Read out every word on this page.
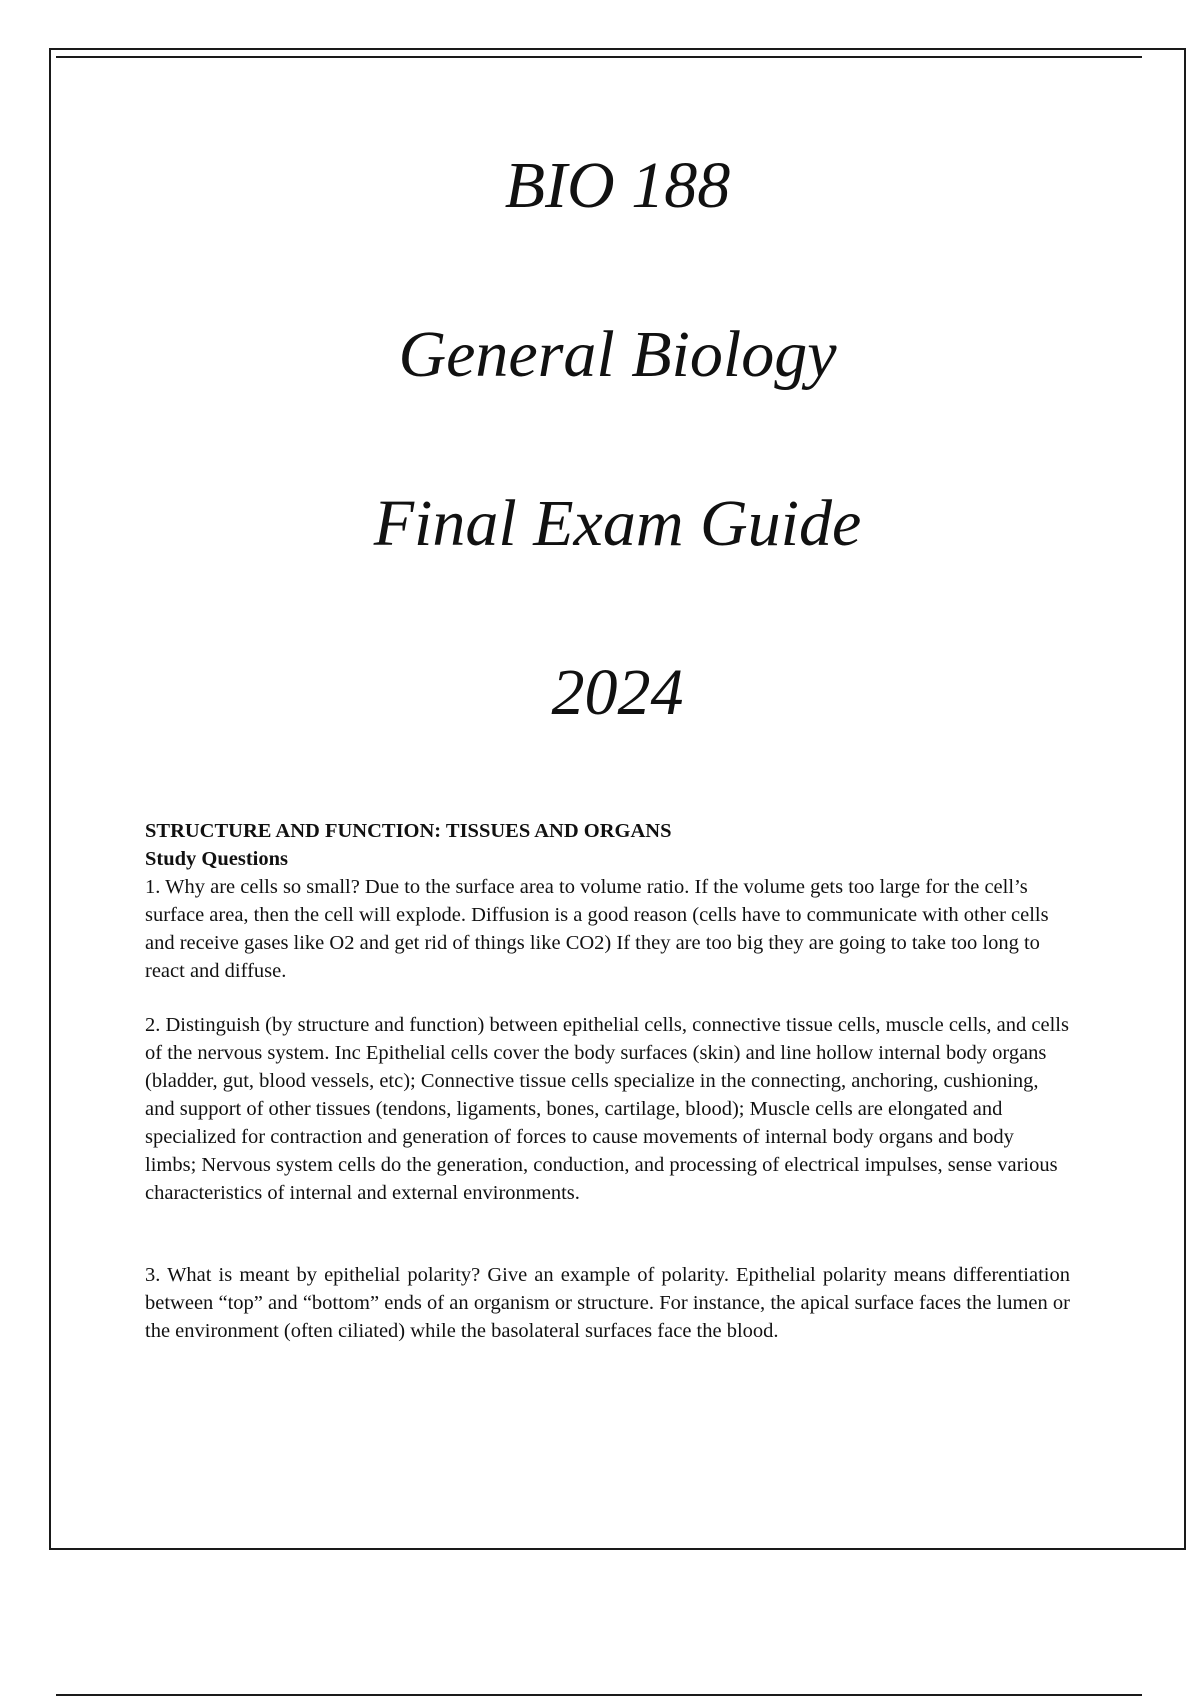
BIO 188
General Biology
Final Exam Guide
2024
STRUCTURE AND FUNCTION: TISSUES AND ORGANS
Study Questions

1. Why are cells so small? Due to the surface area to volume ratio. If the volume gets too large for the cell’s surface area, then the cell will explode. Diffusion is a good reason (cells have to communicate with other cells and receive gases like O2 and get rid of things like CO2) If they are too big they are going to take too long to react and diffuse.

2. Distinguish (by structure and function) between epithelial cells, connective tissue cells, muscle cells, and cells of the nervous system. Inc Epithelial cells cover the body surfaces (skin) and line hollow internal body organs (bladder, gut, blood vessels, etc); Connective tissue cells specialize in the connecting, anchoring, cushioning, and support of other tissues (tendons, ligaments, bones, cartilage, blood); Muscle cells are elongated and specialized for contraction and generation of forces to cause movements of internal body organs and body limbs; Nervous system cells do the generation, conduction, and processing of electrical impulses, sense various characteristics of internal and external environments.

3. What is meant by epithelial polarity? Give an example of polarity. Epithelial polarity means differentiation between “top” and “bottom” ends of an organism or structure. For instance, the apical surface faces the lumen or the environment (often ciliated) while the basolateral surfaces face the blood.
